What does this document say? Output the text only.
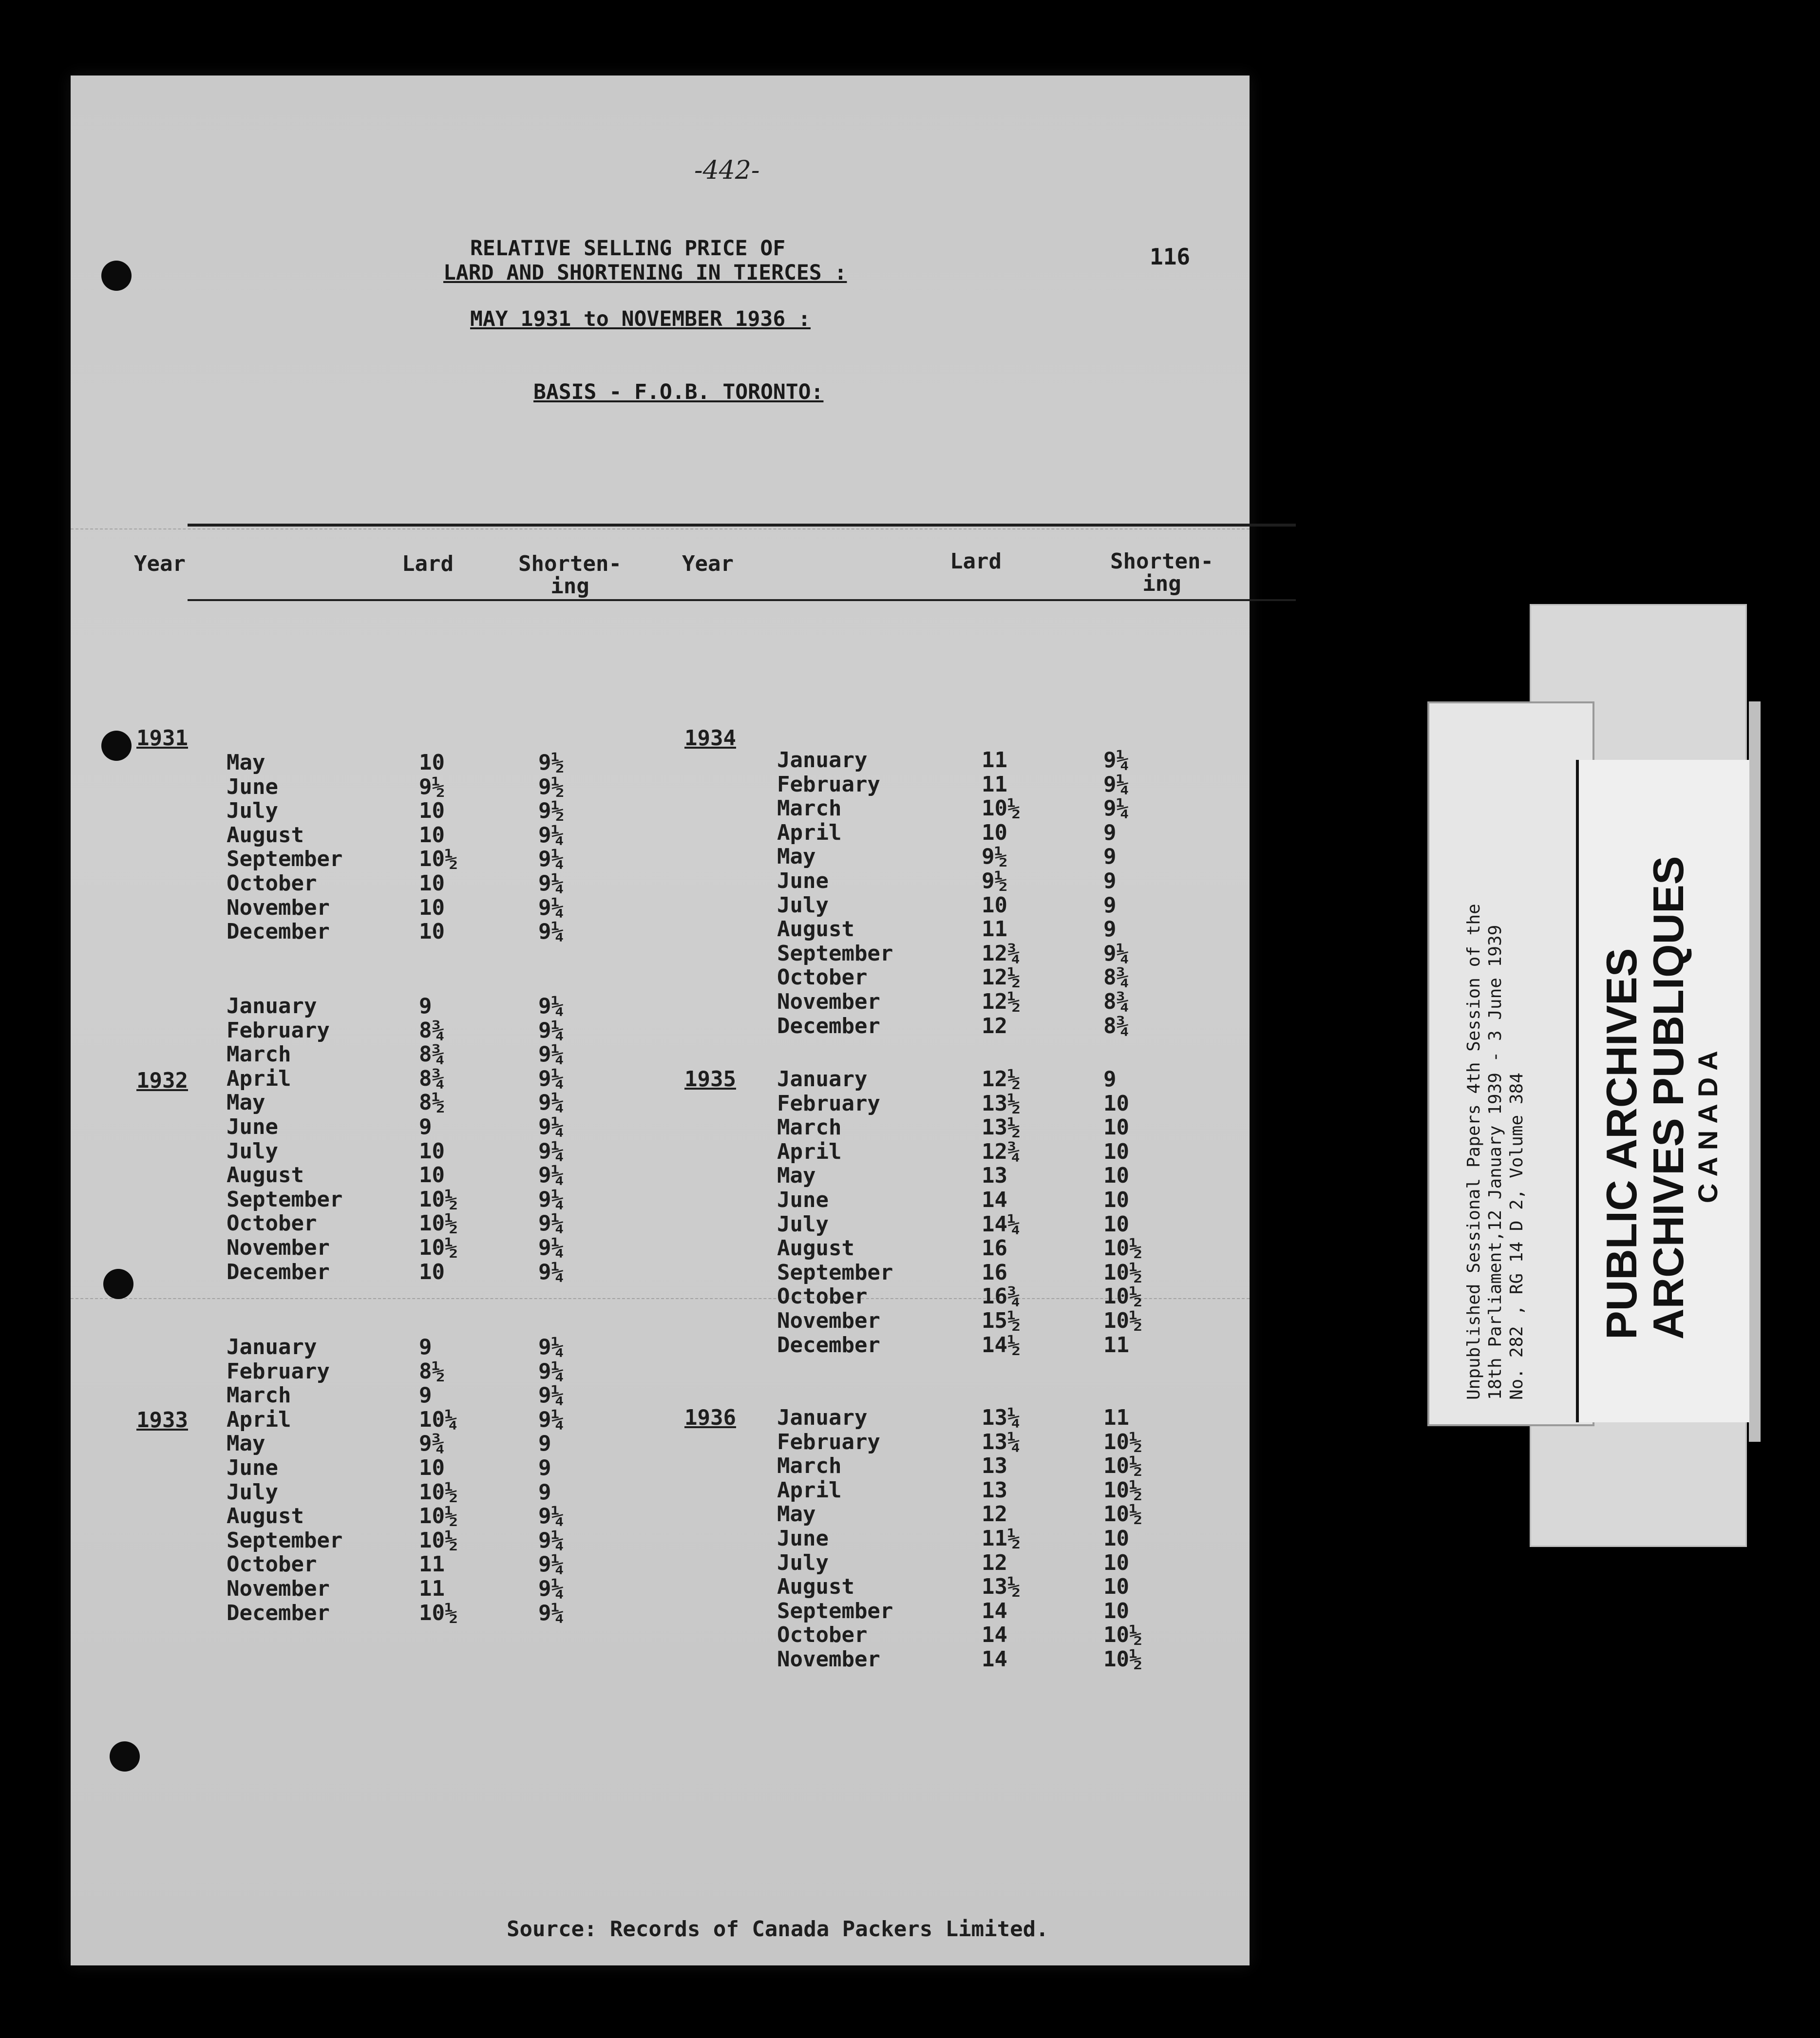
-442-
116
RELATIVE SELLING PRICE OF
LARD AND SHORTENING IN TIERCES :
MAY 1931 to NOVEMBER 1936 :
BASIS - F.O.B. TORONTO:
Year	Lard	Shorten-
ing
Year	Lard	Shorten-
ing
1931
May	10	9½
June	9½	9½
July	10	9½
August	10	9¼
September	10½	9¼
October	10	9¼
November	10	9¼
December	10	9¼
1932
January	9	9¼
February	8¾	9¼
March	8¾	9¼
April	8¾	9¼
May	8½	9¼
June	9	9¼
July	10	9¼
August	10	9¼
September	10½	9¼
October	10½	9¼
November	10½	9¼
December	10	9¼
1933
January	9	9¼
February	8½	9¼
March	9	9¼
April	10¼	9¼
May	9¾	9
June	10	9
July	10½	9
August	10½	9¼
September	10½	9¼
October	11	9¼
November	11	9¼
December	10½	9¼
1934
January	11	9¼
February	11	9¼
March	10½	9¼
April	10	9
May	9½	9
June	9½	9
July	10	9
August	11	9
September	12¾	9¼
October	12½	8¾
November	12½	8¾
December	12	8¾
1935 January	12½	9
February	13½	10
March	13½	10
April	12¾	10
May	13	10
June	14	10
July	14¼	10
August	16	10½
September	16	10½
October	16¾	10½
November	15½	10½
December	14½	11
1936 January	13¼	11
February	13¼	10½
March	13	10½
April	13	10½
May	12	10½
June	11½	10
July	12	10
August	13½	10
September	14	10
October	14	10½
November	14	10½
Source: Records of Canada Packers Limited.
Unpublished Sessional Papers 4th Session of the 18th Parliament,12 January 1939 - 3 June 1939 No. 282 , RG 14 D 2, Volume 384 PUBLIC ARCHIVES
ARCHIVES PUBLIQUES CANADA
